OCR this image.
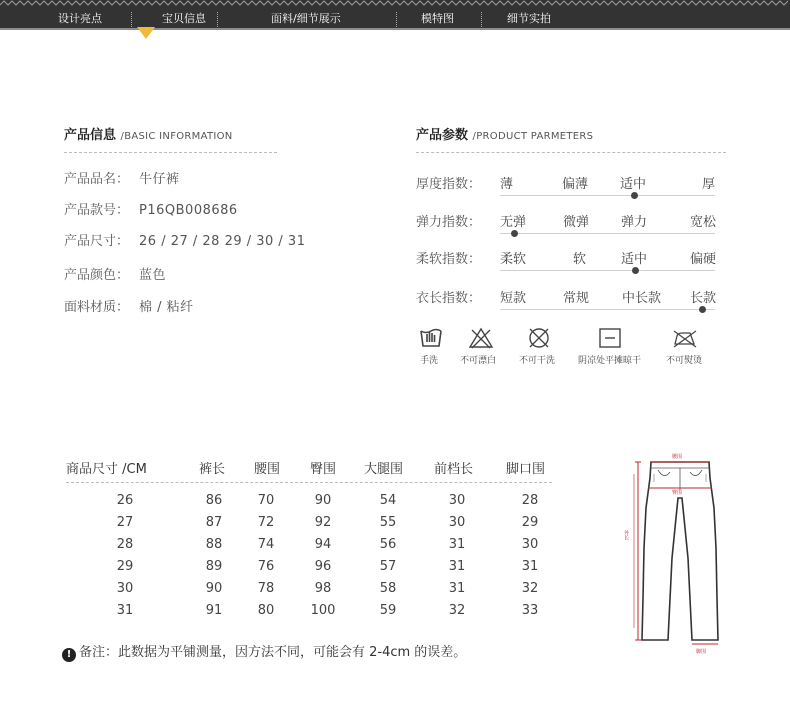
设计亮点	宝贝信息	面料/细节展示	模特图	细节实拍
产品信息 /BASIC INFORMATION
产品品名： 牛仔裤
产品款号： P16QB008686
产品尺寸： 26 / 27 / 28 29 / 30 / 31
产品颜色： 蓝色
面料材质： 棉 / 粘纤
产品参数 /PRODUCT PARMETERS
厚度指数： 薄	偏薄 适中	厚
弹力指数： 无弹	微弹 弹力	宽松
柔软指数： 柔软	软	适中	偏硬
衣长指数： 短款	常规	中长款 长款
手洗 不可漂白	不可干洗	阴凉处平摊晾干	不可熨烫
商品尺寸 /CM	裤长 腰围 臀围 大腿围 前档长	脚口围
26	86	70	90	54	30	28
27	87	72	92	55	30	29
28	88	74	94	56	31	30
29	89	76	96	57	31	31
30	90	78	98	58	31	32
31	91	80	100	59	32	33
! 备注：此数据为平铺测量，因方法不同，可能会有 2-4cm 的误差。
腰围
臀围
外长
脚围
